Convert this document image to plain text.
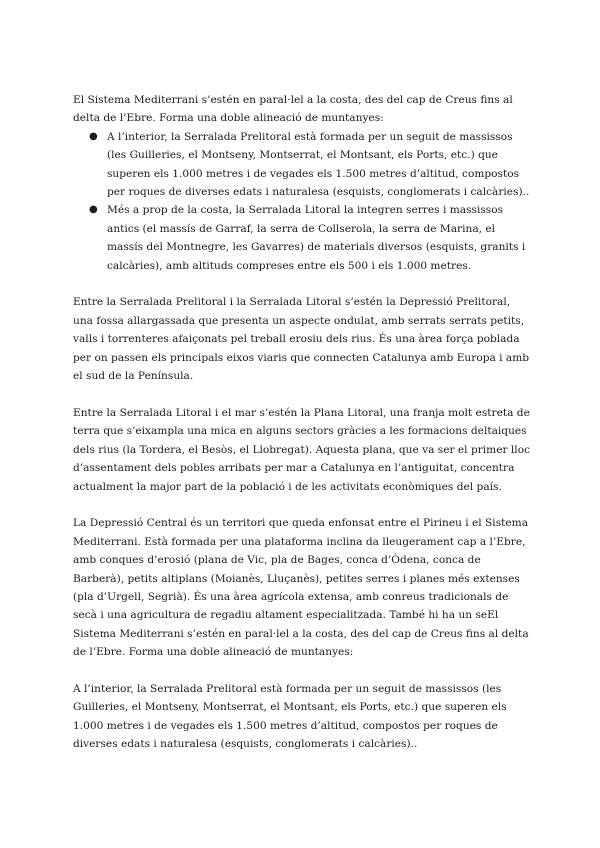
El Sistema Mediterrani s’estén en paral·lel a la costa, des del cap de Creus fins al delta de l’Ebre. Forma una doble alineació de muntanyes:

● A l’interior, la Serralada Prelitoral està formada per un seguit de massissos (les Guilleries, el Montseny, Montserrat, el Montsant, els Ports, etc.) que superen els 1.000 metres i de vegades els 1.500 metres d’altitud, compostos per roques de diverses edats i naturalesa (esquists, conglomerats i calcàries)..
● Més a prop de la costa, la Serralada Litoral la integren serres i massissos antics (el massís de Garraf, la serra de Collserola, la serra de Marina, el massís del Montnegre, les Gavarres) de materials diversos (esquists, granits i calcàries), amb altituds compreses entre els 500 i els 1.000 metres.

Entre la Serralada Prelitoral i la Serralada Litoral s’estén la Depressió Prelitoral, una fossa allargassada que presenta un aspecte ondulat, amb serrats serrats petits, valls i torrenteres afaiçonats pel treball erosiu dels rius. És una àrea força poblada per on passen els principals eixos viaris que connecten Catalunya amb Europa i amb el sud de la Península.

Entre la Serralada Litoral i el mar s’estén la Plana Litoral, una franja molt estreta de terra que s’eixampla una mica en alguns sectors gràcies a les formacions deltaiques dels rius (la Tordera, el Besòs, el Llobregat). Aquesta plana, que va ser el primer lloc d’assentament dels pobles arribats per mar a Catalunya en l’antiguitat, concentra actualment la major part de la població i de les activitats econòmiques del país.

La Depressió Central és un territori que queda enfonsat entre el Pirineu i el Sistema Mediterrani. Està formada per una plataforma inclina da lleugerament cap a l’Ebre, amb conques d’erosió (plana de Vic, pla de Bages, conca d’Òdena, conca de Barberà), petits altiplans (Moianès, Lluçanès), petites serres i planes més extenses (pla d’Urgell, Segrià). És una àrea agrícola extensa, amb conreus tradicionals de secà i una agricultura de regadiu altament especialitzada. També hi ha un seEl Sistema Mediterrani s’estén en paral·lel a la costa, des del cap de Creus fins al delta de l’Ebre. Forma una doble alineació de muntanyes:

A l’interior, la Serralada Prelitoral està formada per un seguit de massissos (les Guilleries, el Montseny, Montserrat, el Montsant, els Ports, etc.) que superen els 1.000 metres i de vegades els 1.500 metres d’altitud, compostos per roques de diverses edats i naturalesa (esquists, conglomerats i calcàries)..
